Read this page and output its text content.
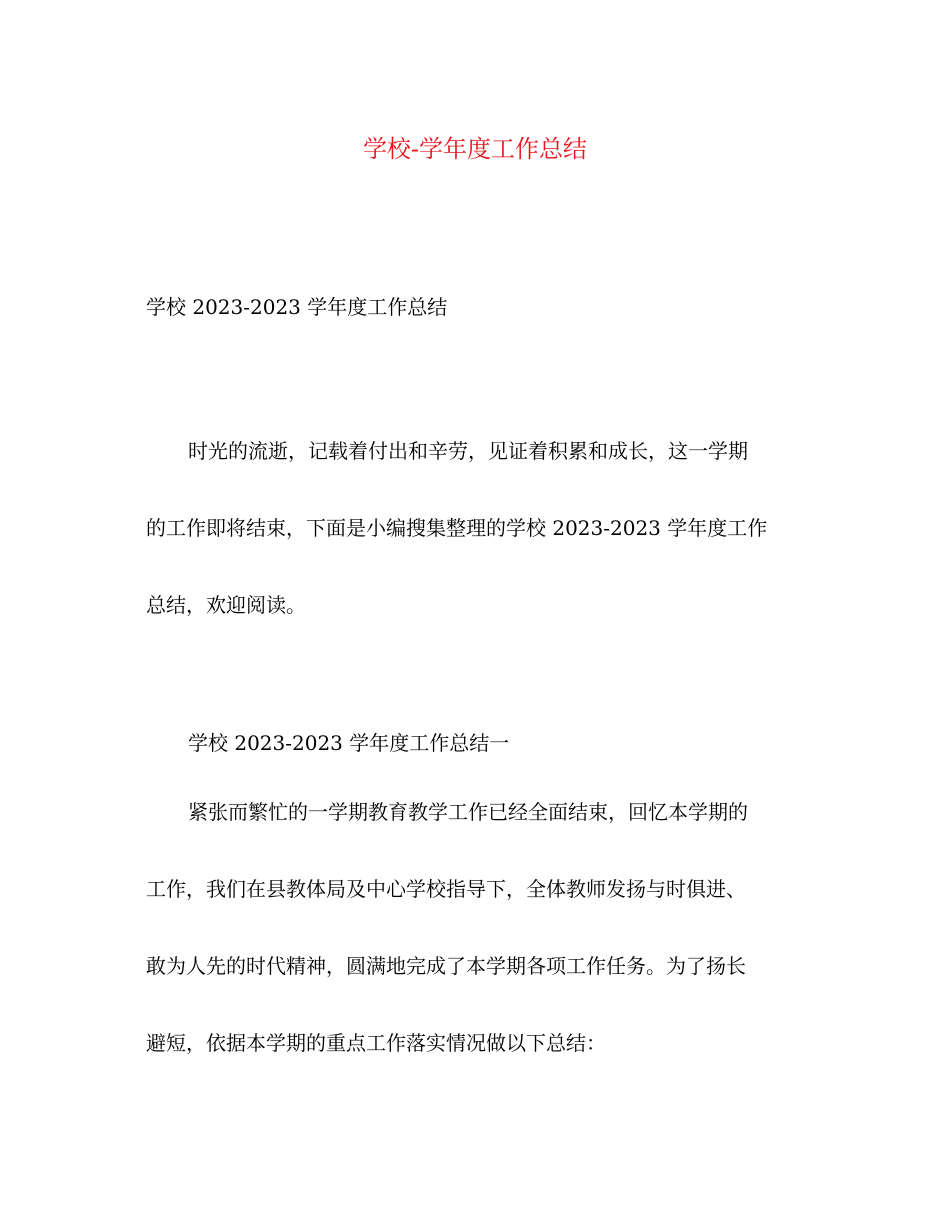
学校-学年度工作总结
学校 2023-2023 学年度工作总结
时光的流逝，记载着付出和辛劳，见证着积累和成长，这一学期
的工作即将结束，下面是小编搜集整理的学校 2023-2023 学年度工作
总结，欢迎阅读。
学校 2023-2023 学年度工作总结一
紧张而繁忙的一学期教育教学工作已经全面结束，回忆本学期的
工作，我们在县教体局及中心学校指导下，全体教师发扬与时俱进、
敢为人先的时代精神，圆满地完成了本学期各项工作任务。为了扬长
避短，依据本学期的重点工作落实情况做以下总结：
